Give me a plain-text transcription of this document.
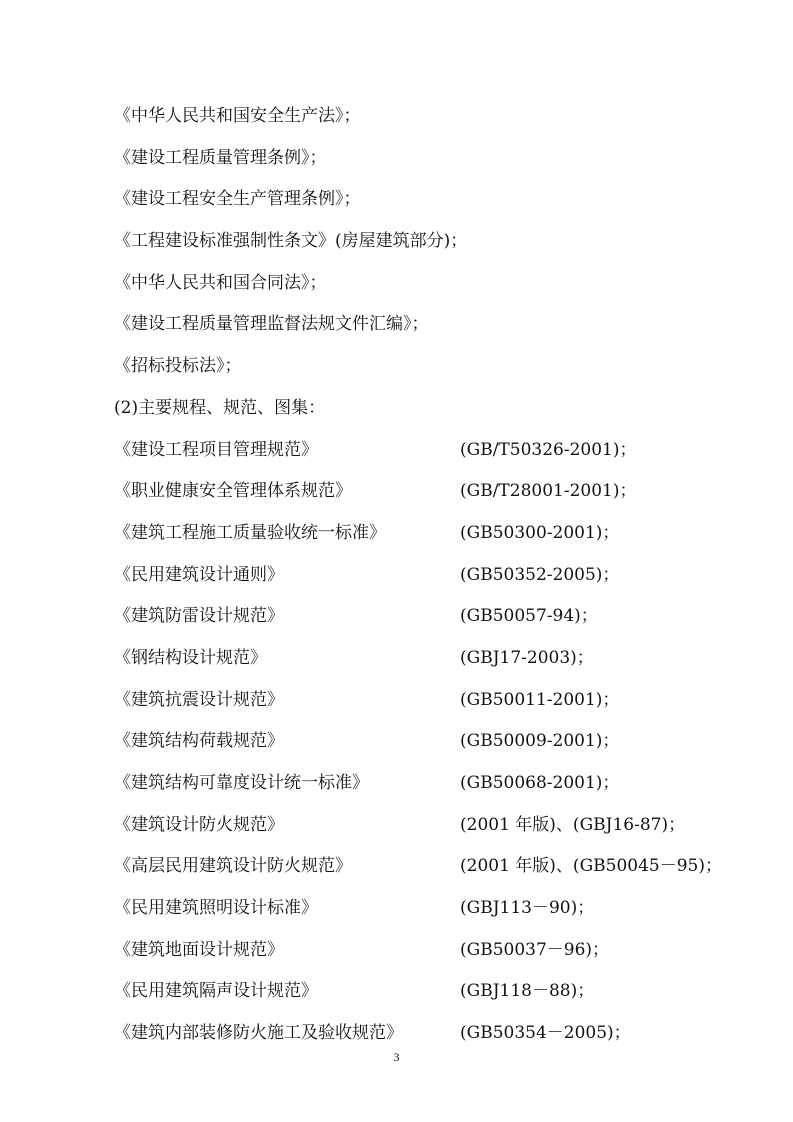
《中华人民共和国安全生产法》；
《建设工程质量管理条例》；
《建设工程安全生产管理条例》；
《工程建设标准强制性条文》(房屋建筑部分)；
《中华人民共和国合同法》；
《建设工程质量管理监督法规文件汇编》；
《招标投标法》；
(2)主要规程、规范、图集：
《建设工程项目管理规范》	(GB/T50326-2001)；
《职业健康安全管理体系规范》	(GB/T28001-2001)；
《建筑工程施工质量验收统一标准》	(GB50300-2001)；
《民用建筑设计通则》	(GB50352-2005)；
《建筑防雷设计规范》	(GB50057-94)；
《钢结构设计规范》	(GBJ17-2003)；
《建筑抗震设计规范》	(GB50011-2001)；
《建筑结构荷载规范》	(GB50009-2001)；
《建筑结构可靠度设计统一标准》	(GB50068-2001)；
《建筑设计防火规范》	(2001 年版)、(GBJ16-87)；
《高层民用建筑设计防火规范》	(2001 年版)、(GB50045－95)；
《民用建筑照明设计标准》	(GBJ113－90)；
《建筑地面设计规范》	(GB50037－96)；
《民用建筑隔声设计规范》	(GBJ118－88)；
《建筑内部装修防火施工及验收规范》	(GB50354－2005)；
3
